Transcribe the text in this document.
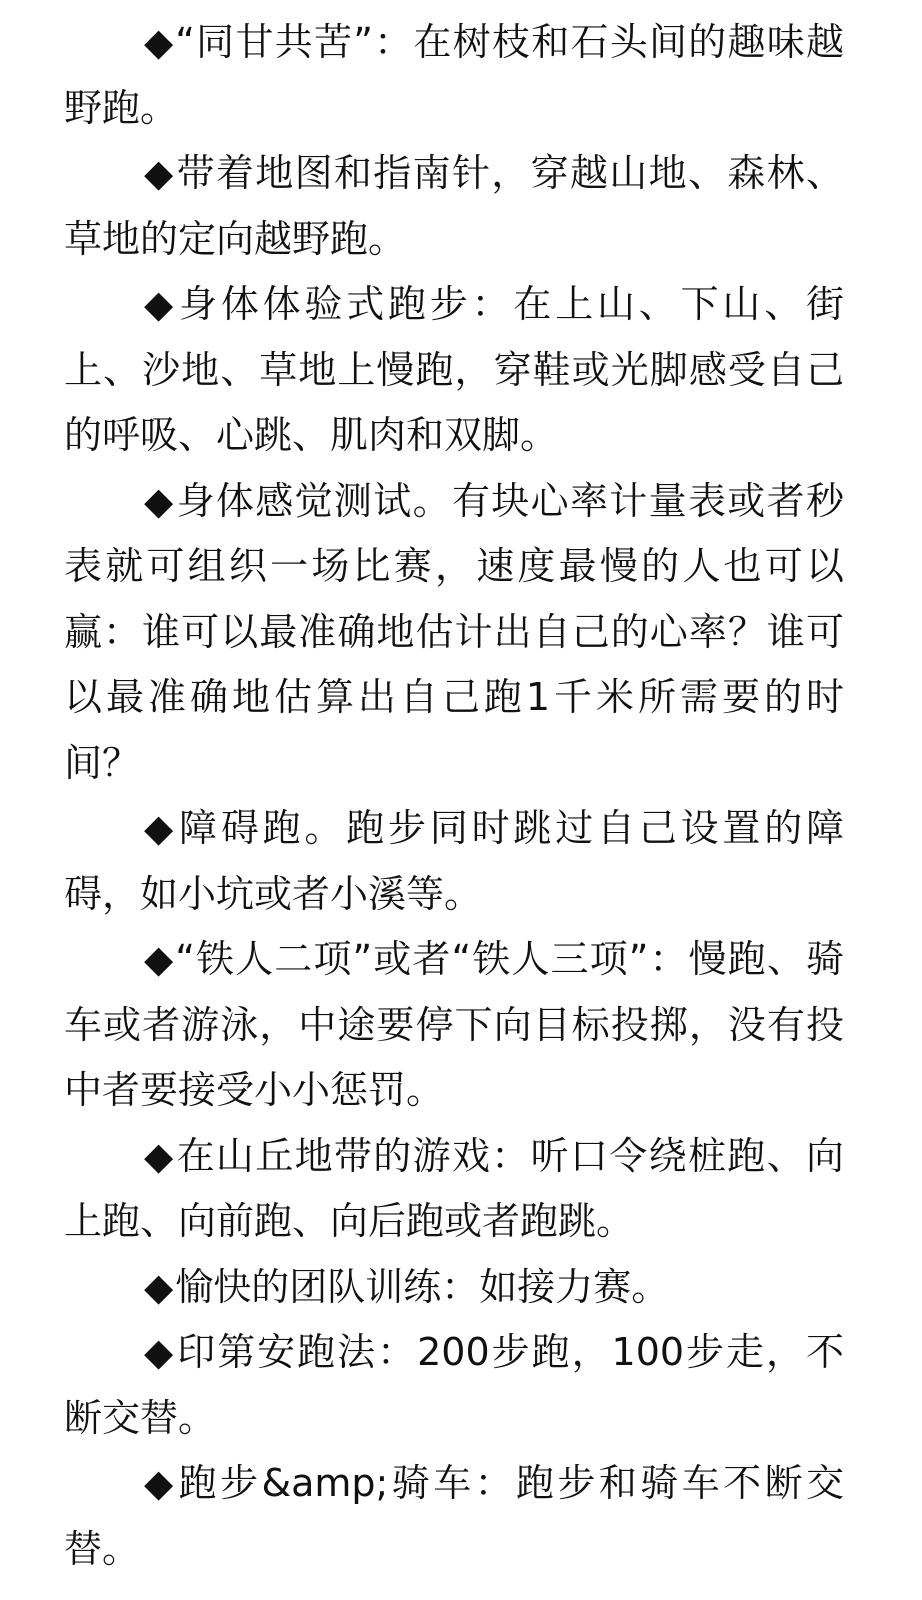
◆“同甘共苦”：在树枝和石头间的趣味越野跑。

◆带着地图和指南针，穿越山地、森林、草地的定向越野跑。

◆身体体验式跑步：在上山、下山、街上、沙地、草地上慢跑，穿鞋或光脚感受自己的呼吸、心跳、肌肉和双脚。

◆身体感觉测试。有块心率计量表或者秒表就可组织一场比赛，速度最慢的人也可以赢：谁可以最准确地估计出自己的心率？谁可以最准确地估算出自己跑1千米所需要的时间？

◆障碍跑。跑步同时跳过自己设置的障碍，如小坑或者小溪等。

◆“铁人二项”或者“铁人三项”：慢跑、骑车或者游泳，中途要停下向目标投掷，没有投中者要接受小小惩罚。

◆在山丘地带的游戏：听口令绕桩跑、向上跑、向前跑、向后跑或者跑跳。

◆愉快的团队训练：如接力赛。

◆印第安跑法：200步跑，100步走，不断交替。

◆跑步&amp;骑车：跑步和骑车不断交替。
